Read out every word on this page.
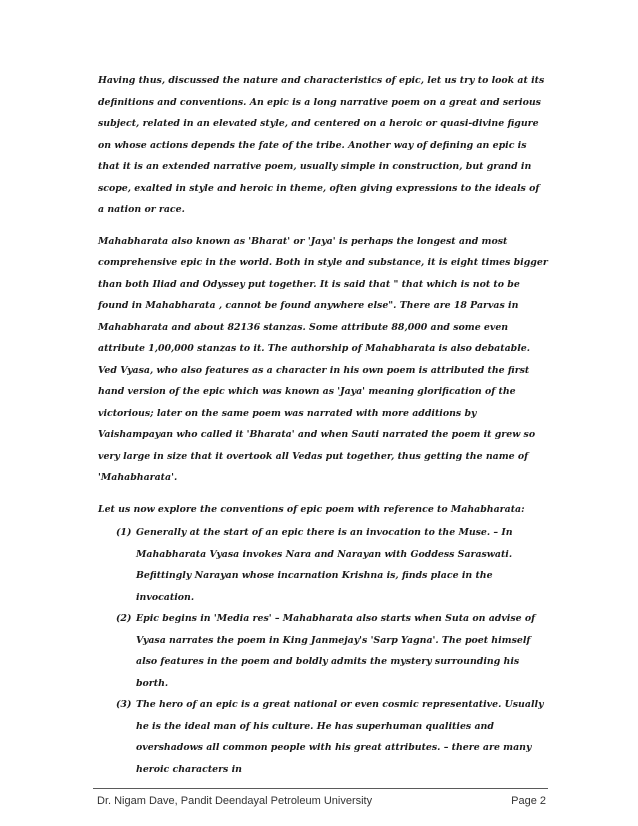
Having thus, discussed the nature and characteristics of epic, let us try to look at its definitions and conventions. An epic is a long narrative poem on a great and serious subject, related in an elevated style, and centered on a heroic or quasi-divine figure on whose actions depends the fate of the tribe. Another way of defining an epic is that it is an extended narrative poem, usually simple in construction, but grand in scope, exalted in style and heroic in theme, often giving expressions to the ideals of a nation or race.

Mahabharata also known as 'Bharat' or 'Jaya' is perhaps the longest and most comprehensive epic in the world. Both in style and substance, it is eight times bigger than both Iliad and Odyssey put together. It is said that " that which is not to be found in Mahabharata , cannot be found anywhere else". There are 18 Parvas in Mahabharata and about 82136 stanzas. Some attribute 88,000 and some even attribute 1,00,000 stanzas to it. The authorship of Mahabharata is also debatable. Ved Vyasa, who also features as a character in his own poem is attributed the first hand version of the epic which was known as 'Jaya' meaning glorification of the victorious; later on the same poem was narrated with more additions by Vaishampayan who called it 'Bharata' and when Sauti narrated the poem it grew so very large in size that it overtook all Vedas put together, thus getting the name of 'Mahabharata'.

Let us now explore the conventions of epic poem with reference to Mahabharata:

(1) Generally at the start of an epic there is an invocation to the Muse. – In Mahabharata Vyasa invokes Nara and Narayan with Goddess Saraswati. Befittingly Narayan whose incarnation Krishna is, finds place in the invocation.
(2) Epic begins in 'Media res' – Mahabharata also starts when Suta on advise of Vyasa narrates the poem in King Janmejay's 'Sarp Yagna'. The poet himself also features in the poem and boldly admits the mystery surrounding his borth.
(3) The hero of an epic is a great national or even cosmic representative. Usually he is the ideal man of his culture. He has superhuman qualities and overshadows all common people with his great attributes. – there are many heroic characters in
Dr. Nigam Dave, Pandit Deendayal Petroleum University	Page 2
